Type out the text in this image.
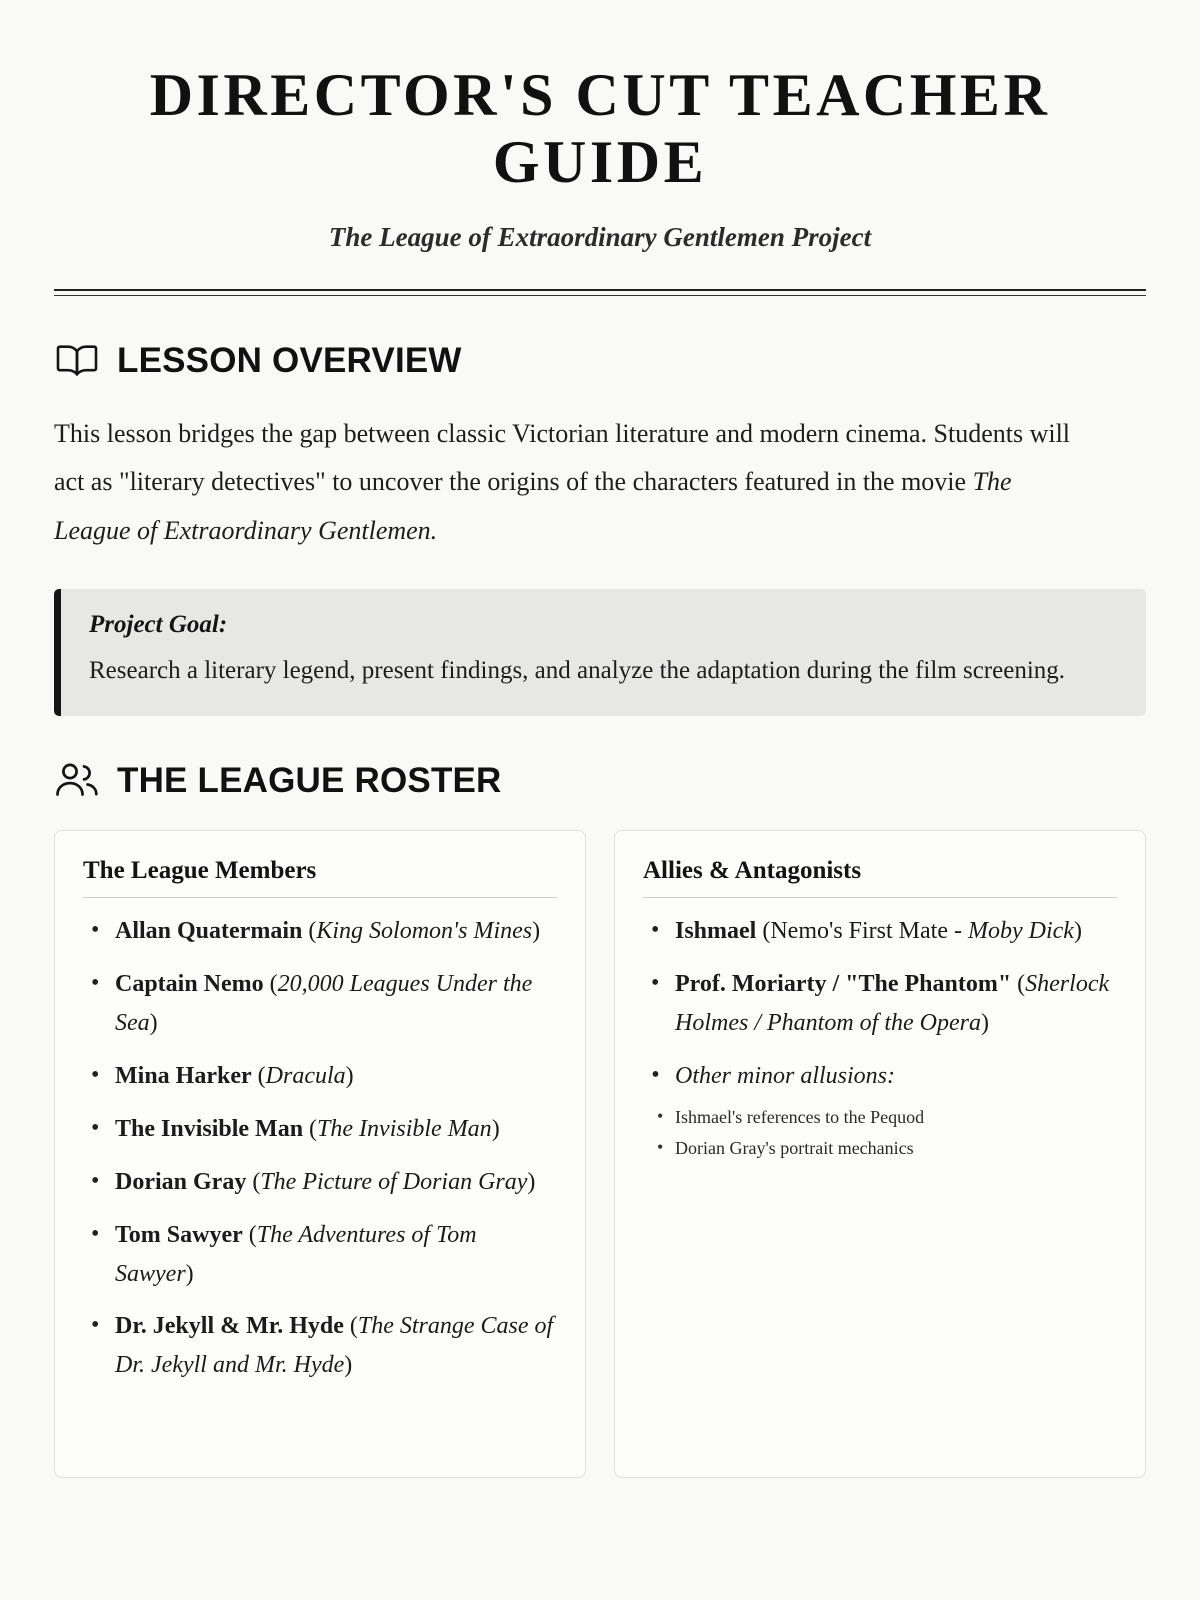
DIRECTOR'S CUT TEACHER GUIDE
The League of Extraordinary Gentlemen Project
LESSON OVERVIEW

This lesson bridges the gap between classic Victorian literature and modern cinema. Students will act as "literary detectives" to uncover the origins of the characters featured in the movie The League of Extraordinary Gentlemen.

Project Goal:
Research a literary legend, present findings, and analyze the adaptation during the film screening.
THE LEAGUE ROSTER
The League Members
• Allan Quatermain (King Solomon's Mines)
• Captain Nemo (20,000 Leagues Under the Sea)
• Mina Harker (Dracula)
• The Invisible Man (The Invisible Man)
• Dorian Gray (The Picture of Dorian Gray)
• Tom Sawyer (The Adventures of Tom Sawyer)
• Dr. Jekyll & Mr. Hyde (The Strange Case of Dr. Jekyll and Mr. Hyde)
Allies & Antagonists
• Ishmael (Nemo's First Mate - Moby Dick)
• Prof. Moriarty / "The Phantom" (Sherlock Holmes / Phantom of the Opera)
• Other minor allusions:
• Ishmael's references to the Pequod
• Dorian Gray's portrait mechanics
